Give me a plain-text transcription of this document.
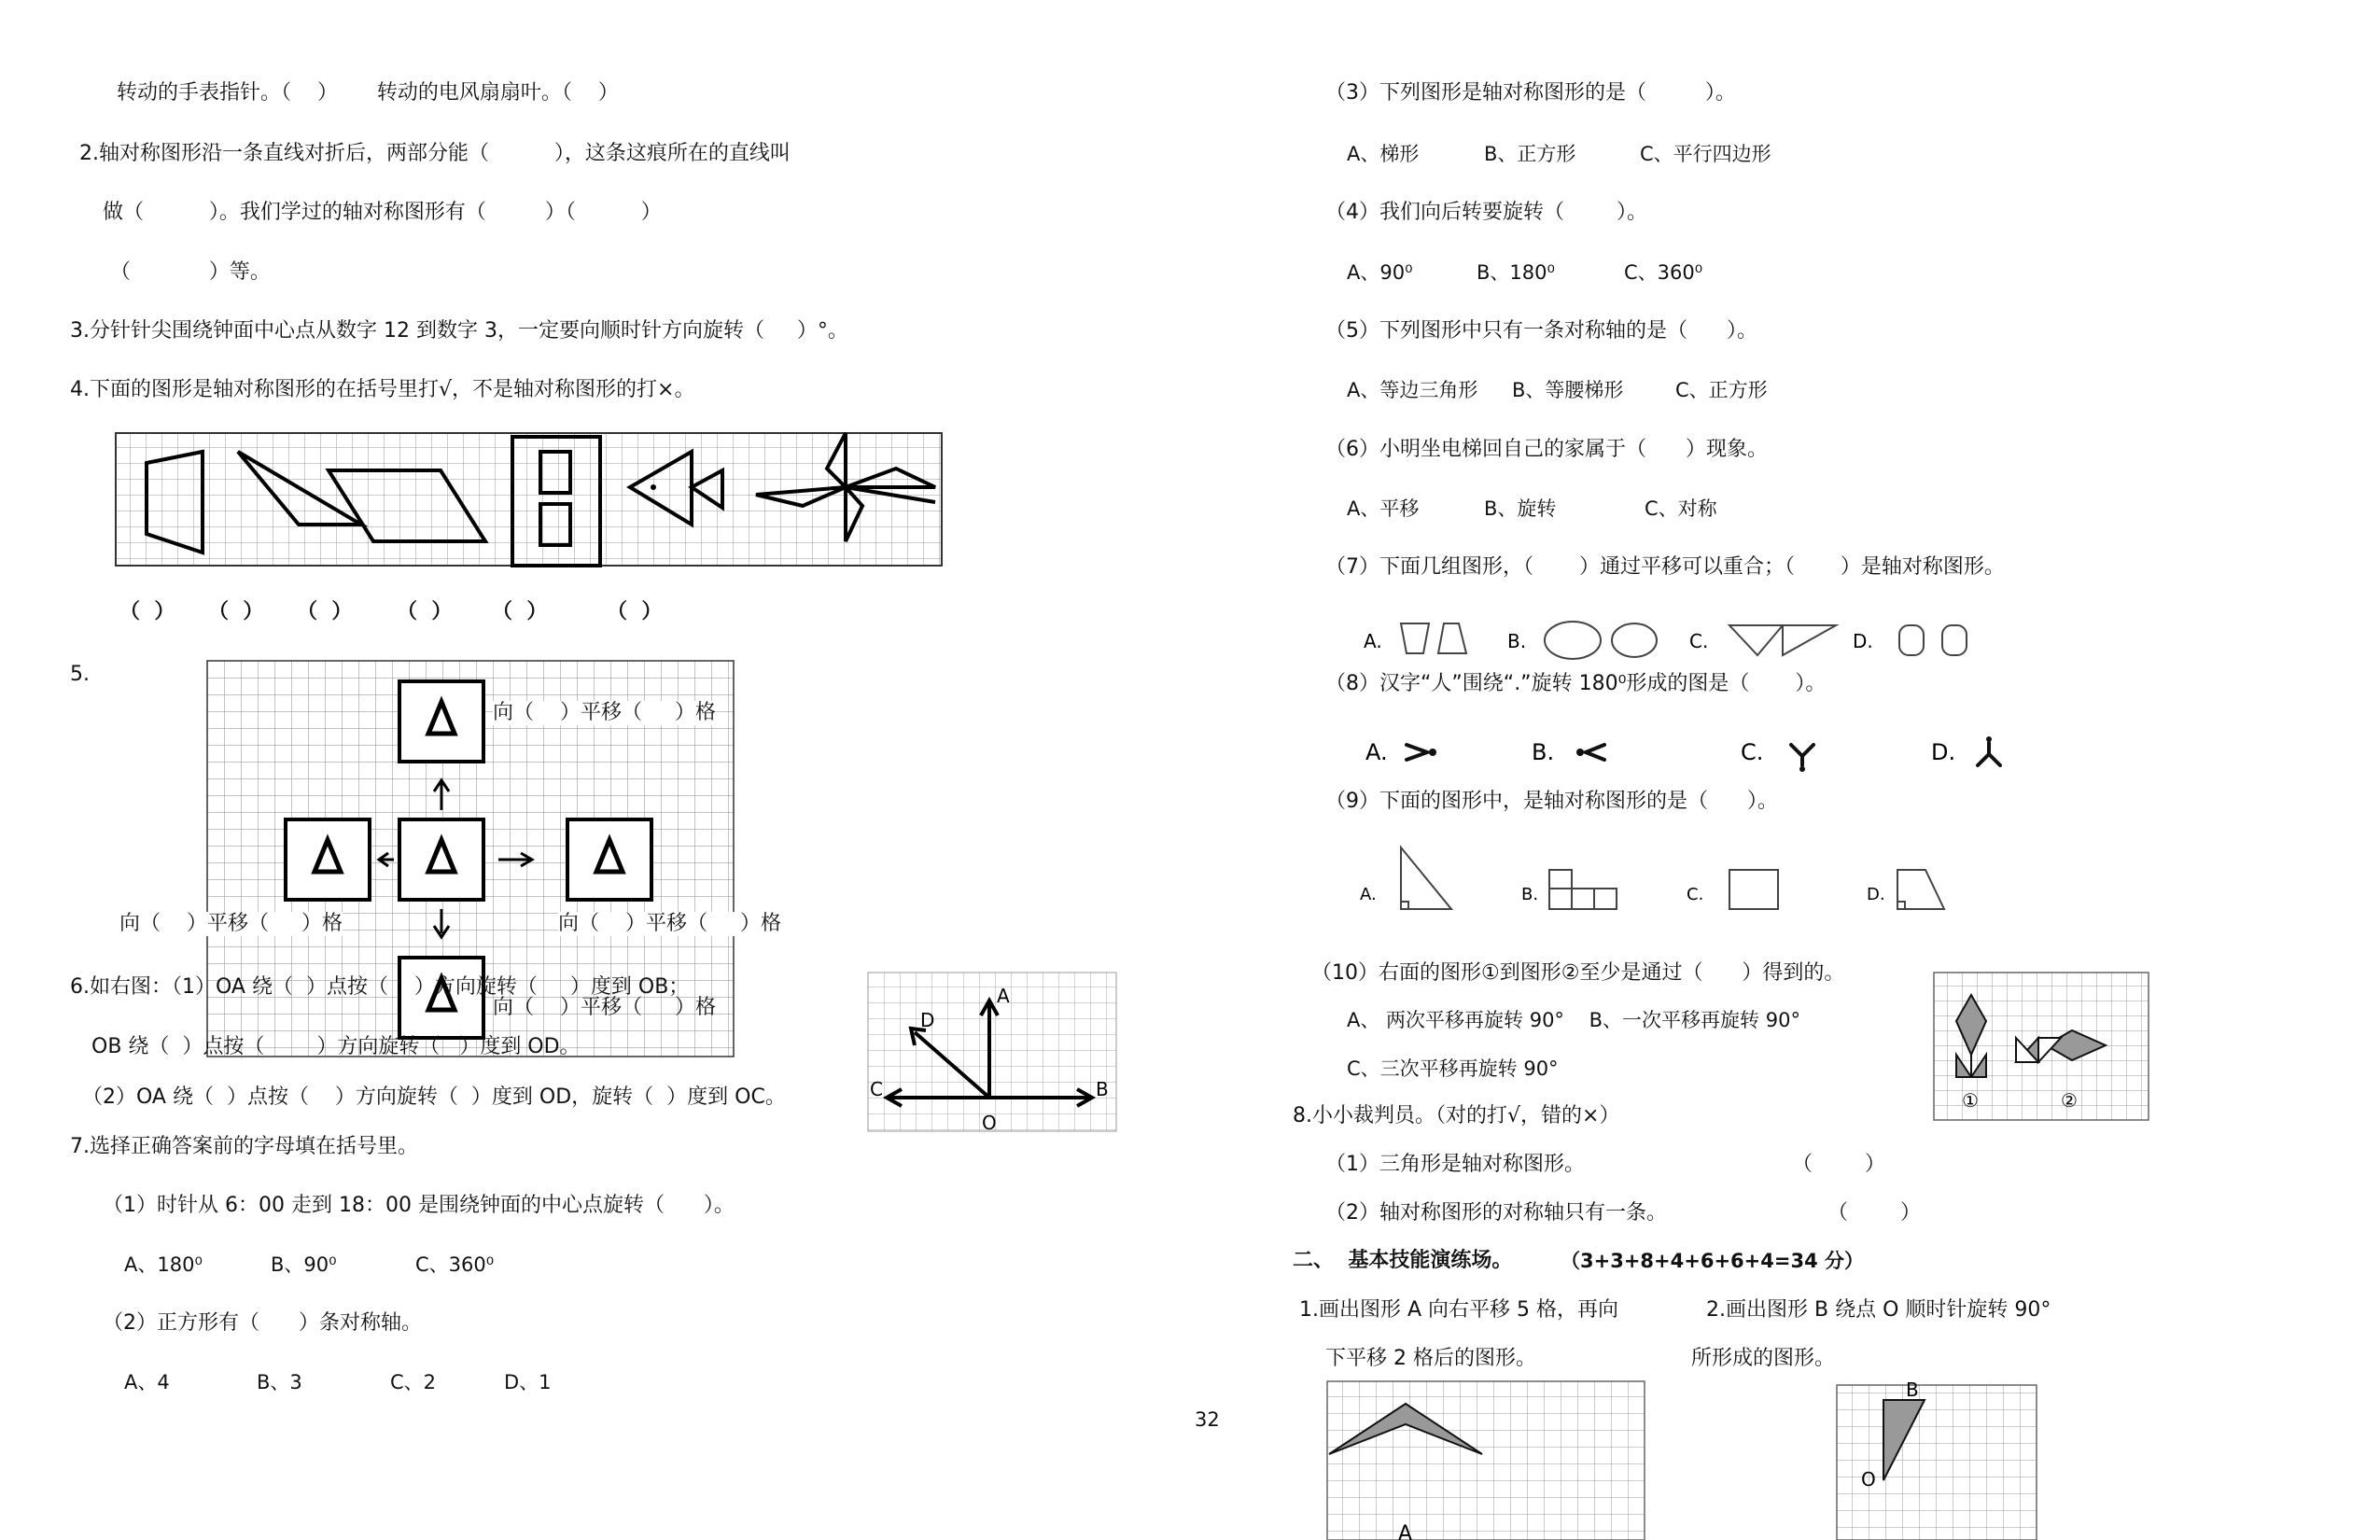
转动的手表指针。（    ）      转动的电风扇扇叶。（    ）
2.轴对称图形沿一条直线对折后，两部分能（          ），这条这痕所在的直线叫
做（          ）。我们学过的轴对称图形有（         ）（          ）
（            ）等。
3.分针针尖围绕钟面中心点从数字 12 到数字 3，一定要向顺时针方向旋转（     ）°。
4.下面的图形是轴对称图形的在括号里打√，不是轴对称图形的打×。
（  ） （  ） （  ） （  ） （  ）	（  ）
5.
向（    ）平移（     ）格
向（    ）平移（     ）格	向（    ）平移（     ）格
向（    ）平移（     ）格
6.如右图：（1）OA 绕（  ）点按（    ）方向旋转（     ）度到 OB；
OB 绕（  ）点按（        ）方向旋转（   ）度到 OD。
（2）OA 绕（  ）点按（    ）方向旋转（  ）度到 OD，旋转（  ）度到 OC。
A
B
C
D
O
7.选择正确答案前的字母填在括号里。
（1）时针从 6：00 走到 18：00 是围绕钟面的中心点旋转（      ）。
A、180⁰	B、90⁰	C、360⁰
（2）正方形有（      ）条对称轴。
A、4	B、3	C、2	D、1
32
（3）下列图形是轴对称图形的是（         ）。
A、梯形	B、正方形	C、平行四边形
（4）我们向后转要旋转（        ）。
A、90⁰	B、180⁰	C、360⁰
（5）下列图形中只有一条对称轴的是（      ）。
A、等边三角形 B、等腰梯形	C、正方形
（6）小明坐电梯回自己的家属于（      ）现象。
A、平移	B、旋转	C、对称
（7）下面几组图形，（       ）通过平移可以重合；（       ）是轴对称图形。
A.	B.	C.	D.
（8）汉字“人”围绕“.”旋转 180⁰形成的图是（       ）。
A.	B.	C.	D.
（9）下面的图形中，是轴对称图形的是（      ）。
A.	B.	C.	D.
（10）右面的图形①到图形②至少是通过（      ）得到的。
A、 两次平移再旋转 90°    B、一次平移再旋转 90°
C、三次平移再旋转 90°
①	②
8.小小裁判员。（对的打√，错的×）
（1）三角形是轴对称图形。	（        ）
（2）轴对称图形的对称轴只有一条。	（        ）
二、  基本技能演练场。 （3+3+8+4+6+6+4=34 分）
1.画出图形 A 向右平移 5 格，再向
下平移 2 格后的图形。
2.画出图形 B 绕点 O 顺时针旋转 90°
所形成的图形。
A
B
O
